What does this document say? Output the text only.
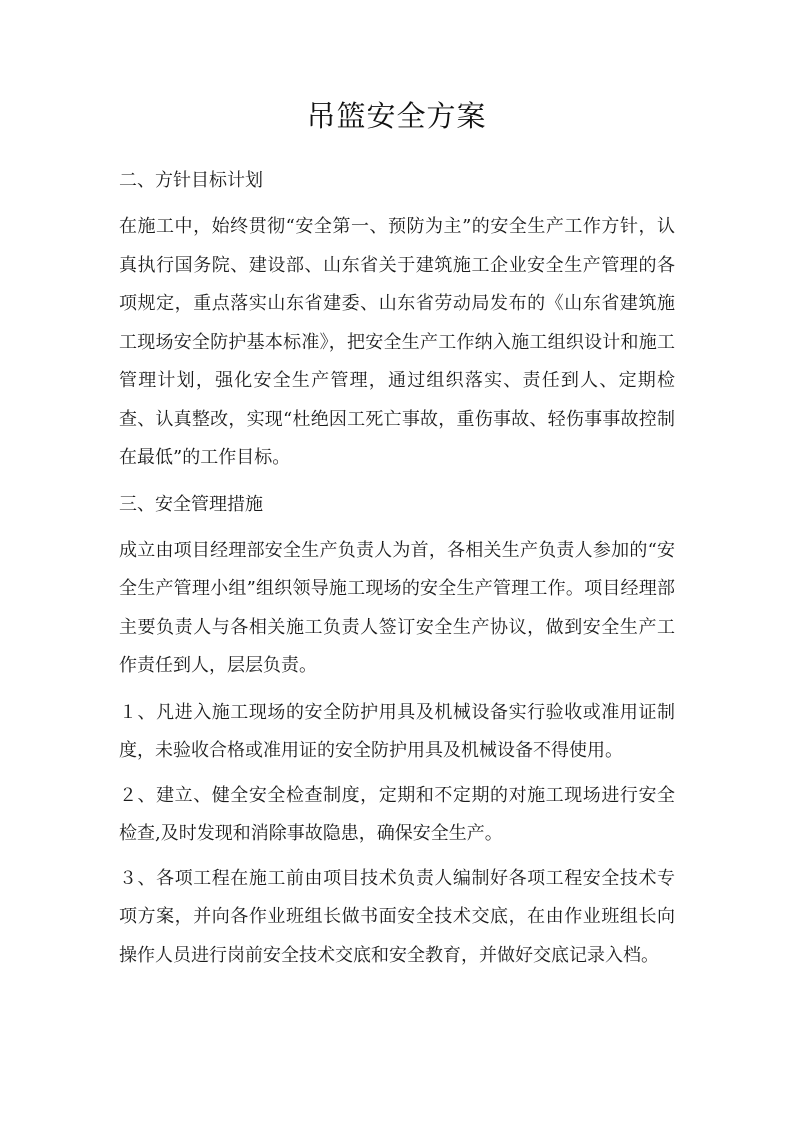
吊篮安全方案
二、方针目标计划

在施工中，始终贯彻“安全第一、预防为主”的安全生产工作方针，认真执行国务院、建设部、山东省关于建筑施工企业安全生产管理的各项规定，重点落实山东省建委、山东省劳动局发布的《山东省建筑施工现场安全防护基本标准》，把安全生产工作纳入施工组织设计和施工管理计划，强化安全生产管理，通过组织落实、责任到人、定期检查、认真整改，实现“杜绝因工死亡事故，重伤事故、轻伤事事故控制在最低”的工作目标。

三、安全管理措施

成立由项目经理部安全生产负责人为首，各相关生产负责人参加的“安全生产管理小组”组织领导施工现场的安全生产管理工作。项目经理部主要负责人与各相关施工负责人签订安全生产协议，做到安全生产工作责任到人，层层负责。

１、凡进入施工现场的安全防护用具及机械设备实行验收或准用证制度，未验收合格或准用证的安全防护用具及机械设备不得使用。

２、建立、健全安全检查制度，定期和不定期的对施工现场进行安全检查,及时发现和消除事故隐患，确保安全生产。

３、各项工程在施工前由项目技术负责人编制好各项工程安全技术专项方案，并向各作业班组长做书面安全技术交底，在由作业班组长向操作人员进行岗前安全技术交底和安全教育，并做好交底记录入档。
